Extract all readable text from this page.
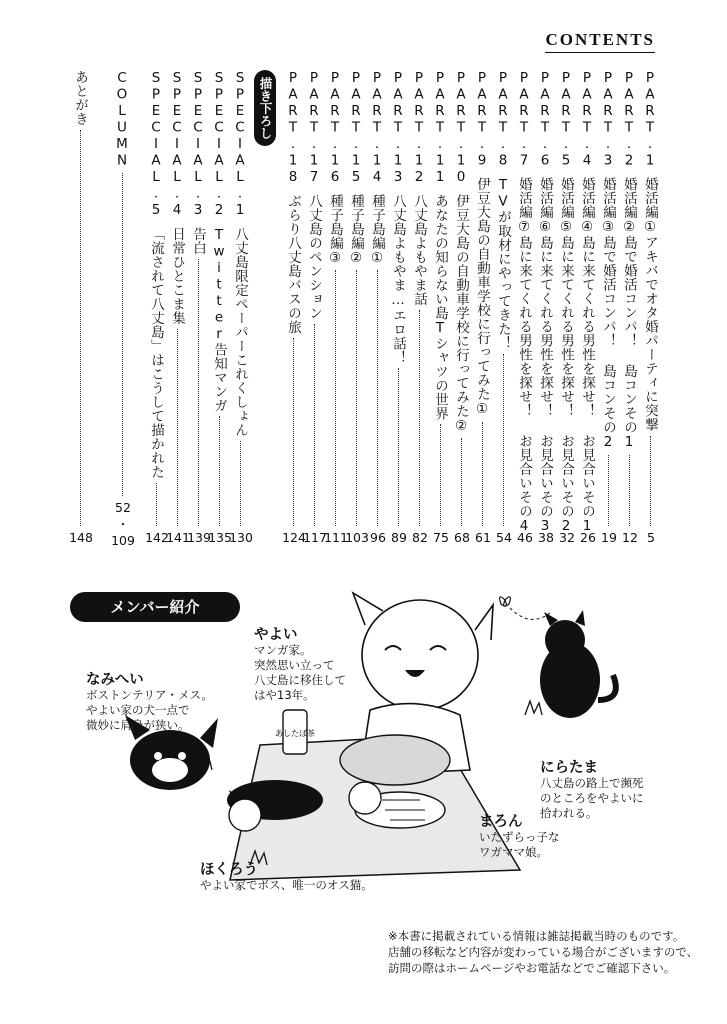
CONTENTS
描き下ろし	PART.1婚活編①アキバでオタ婚パーティに突撃
5
PART.2婚活編②島で婚活コンパ！ 島コンその1
12
PART.3婚活編③島で婚活コンパ！ 島コンその2
19
PART.4婚活編④島に来てくれる男性を探せ！ お見合いその1
26
PART.5婚活編⑤島に来てくれる男性を探せ！ お見合いその2
32
PART.6婚活編⑥島に来てくれる男性を探せ！ お見合いその3
38
PART.7婚活編⑦島に来てくれる男性を探せ！ お見合いその4
46
PART.8TVが取材にやってきた！
54
PART.9伊豆大島の自動車学校に行ってみた①
61
PART.10伊豆大島の自動車学校に行ってみた②
68
PART.11あなたの知らない島Tシャツの世界
75
PART.12八丈島よもやま話
82
PART.13八丈島よもやま…エロ話！
89
PART.14種子島編①
96
PART.15種子島編②
103
PART.16種子島編③
111
PART.17八丈島のペンション
117
PART.18ぶらり八丈島バスの旅
124
SPECIAL.1八丈島限定ペーパーこれくしょん
130
SPECIAL.2Twitter告知マンガ
135
SPECIAL.3告白
139
SPECIAL.4日常ひとこま集
141
SPECIAL.5「流されて八丈島」はこうして描かれた
142
COLUMN
52
・
109
あとがき
148
メンバー紹介
あしたば茶
やよい
マンガ家。
突然思い立って
八丈島に移住して
はや13年。
なみへい
ボストンテリア・メス。
やよい家の犬一点で
微妙に肩身が狭い。
にらたま
八丈島の路上で瀕死
のところをやよいに
拾われる。
まろん
いたずらっ子な
ワガママ娘。
ほくろう
やよい家でボス、唯一のオス猫。
※本書に掲載されている情報は雑誌掲載当時のものです。
店舗の移転など内容が変わっている場合がございますので、
訪問の際はホームページやお電話などでご確認下さい。
